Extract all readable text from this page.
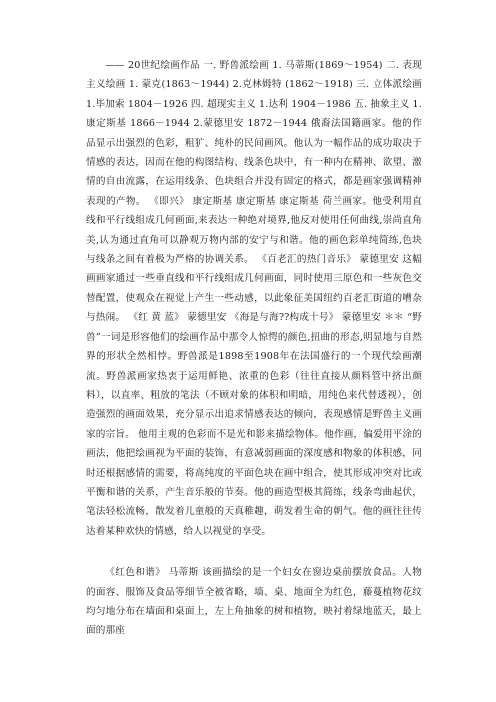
—— 20世纪绘画作品 一. 野兽派绘画 1. 马蒂斯(1869～1954) 二. 表现主义绘画 1. 蒙克(1863～1944) 2.克林姆特 (1862～1918) 三. 立体派绘画 1.毕加索 1804－1926 四. 超现实主义 1.达利 1904－1986 五. 抽象主义 1.康定斯基 1866－1944 2.蒙德里安 1872－1944 俄裔法国籍画家。他的作品显示出强烈的色彩，粗犷、纯朴的民间画风。他认为一幅作品的成功取决于情感的表达，因而在他的构图结构、线条色块中，有一种内在精神、欲望、激情的自由流露，在运用线条、色块组合并没有固定的格式，都是画家强调精神表现的产物。 《即兴》 康定斯基 康定斯基 康定斯基 荷兰画家。他受利用直线和平行线组成几何画面,来表达一种绝对境界,他反对使用任何曲线,崇尚直角美,认为通过直角可以静观万物内部的安宁与和谐。他的画色彩单纯简练,色块与线条之间有着极为严格的协调关系。 《百老汇的热门音乐》 蒙德里安 这幅画画家通过一些垂直线和平行线组成几何画面，同时使用三原色和一些灰色交替配置，使观众在视觉上产生一些动感，以此象征美国纽约百老汇街道的嘈杂与热闹。 《红 黄 蓝》 蒙德里安 《海是与海??构成十号》 蒙德里安 ＊＊ “野兽”一词是形容他们的绘画作品中那令人惊愕的颜色,扭曲的形态,明显地与自然界的形状全然相悖。野兽派是1898至1908年在法国盛行的一个现代绘画潮流。野兽派画家热衷于运用鲜艳、浓重的色彩（往往直接从颜料管中挤出颜料），以直率、粗放的笔法（不顾对象的体积和明暗，用纯色来代替透视），创造强烈的画面效果，充分显示出追求情感表达的倾向，表现感情是野兽主义画家的宗旨。 他用主观的色彩而不是光和影来描绘物体。他作画，偏爱用平涂的画法，他把绘画视为平面的装饰，有意减弱画面的深度感和物象的体积感，同时还根据感情的需要，将高纯度的平面色块在画中组合，使其形成冲突对比或平衡和谐的关系，产生音乐般的节奏。他的画造型极其简练，线条弯曲起伏，笔法轻松流畅，散发着儿童般的天真稚趣，萌发着生命的朝气。他的画往往传达着某种欢快的情感，给人以视觉的享受。

《红色和谐》 马蒂斯 该画描绘的是一个妇女在窗边桌前摆放食品。人物的面容、服饰及食品等细节全被省略，墙、桌、地面全为红色，藤蔓植物花纹均匀地分布在墙面和桌面上，左上角抽象的树和植物，映衬着绿地蓝天，最上面的那座
